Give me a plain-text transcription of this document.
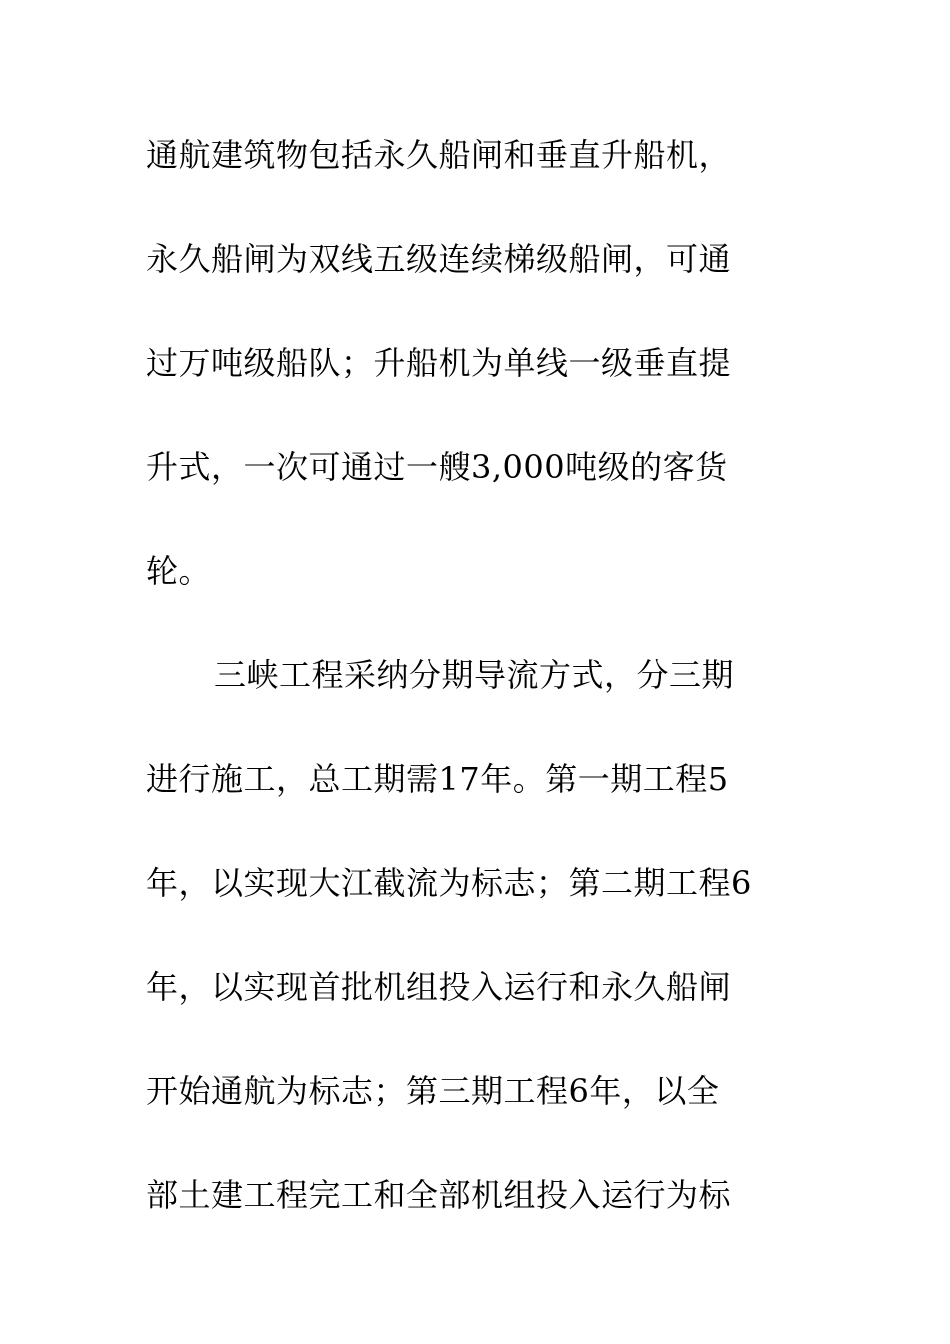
通航建筑物包括永久船闸和垂直升船机，
永久船闸为双线五级连续梯级船闸，可通
过万吨级船队；升船机为单线一级垂直提
升式，一次可通过一艘3,000吨级的客货
轮。
三峡工程采纳分期导流方式，分三期
进行施工，总工期需17年。第一期工程5
年，以实现大江截流为标志；第二期工程6
年，以实现首批机组投入运行和永久船闸
开始通航为标志；第三期工程6年，以全
部土建工程完工和全部机组投入运行为标
